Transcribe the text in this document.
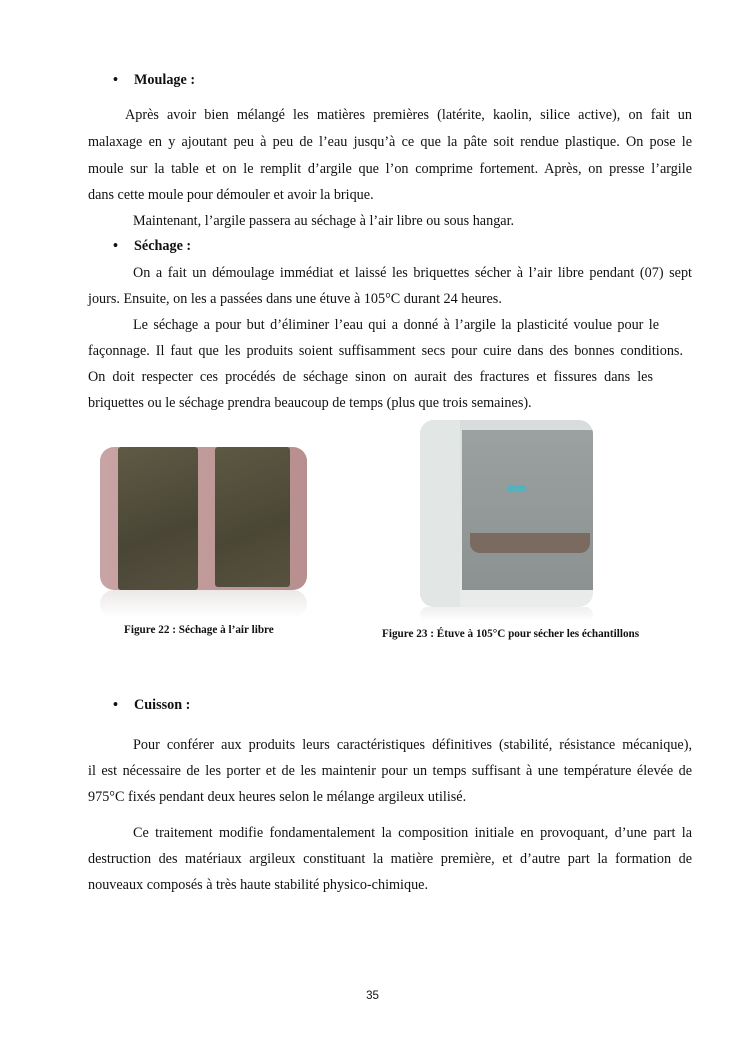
• Moulage :
Après avoir bien mélangé les matières premières (latérite, kaolin, silice active), on fait un
malaxage en y ajoutant peu à peu de l’eau jusqu’à ce que la pâte soit rendue plastique. On pose le
moule sur la table et on le remplit d’argile que l’on comprime fortement. Après, on presse l’argile
dans cette moule pour démouler et avoir la brique.
Maintenant, l’argile passera au séchage à l’air libre ou sous hangar.
• Séchage :
On a fait un démoulage immédiat et laissé les briquettes sécher à l’air libre pendant (07) sept
jours. Ensuite, on les a passées dans une étuve à 105°C durant 24 heures.
Le séchage a pour but d’éliminer l’eau qui a donné à l’argile la plasticité voulue pour le
façonnage. Il faut que les produits soient suffisamment secs pour cuire dans des bonnes conditions.
On doit respecter ces procédés de séchage sinon on aurait des fractures et fissures dans les
briquettes ou le séchage prendra beaucoup de temps (plus que trois semaines).
Figure 22 : Séchage à l’air libre	Figure 23 : Étuve à 105°C pour sécher les échantillons
• Cuisson :
Pour conférer aux produits leurs caractéristiques définitives (stabilité, résistance mécanique),
il est nécessaire de les porter et de les maintenir pour un temps suffisant à une température élevée de
975°C fixés pendant deux heures selon le mélange argileux utilisé.
Ce traitement modifie fondamentalement la composition initiale en provoquant, d’une part la
destruction des matériaux argileux constituant la matière première, et d’autre part la formation de
nouveaux composés à très haute stabilité physico-chimique.
35
